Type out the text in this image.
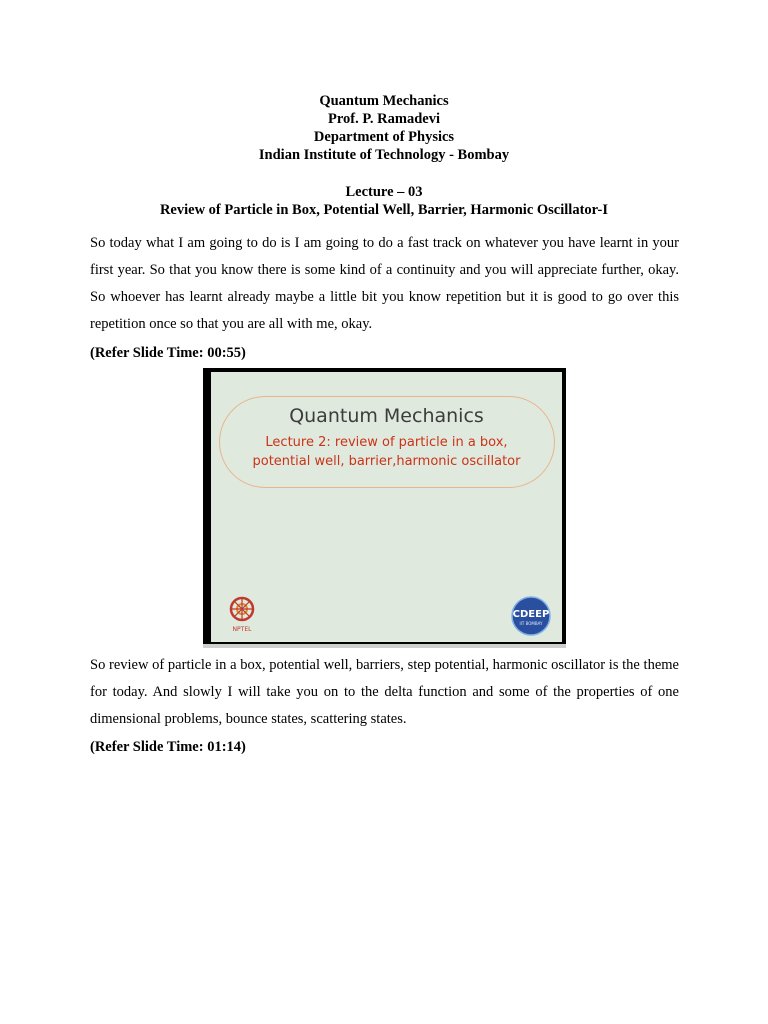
Quantum Mechanics
Prof. P. Ramadevi
Department of Physics
Indian Institute of Technology - Bombay
Lecture – 03
Review of Particle in Box, Potential Well, Barrier, Harmonic Oscillator-I
So today what I am going to do is I am going to do a fast track on whatever you have learnt in your first year. So that you know there is some kind of a continuity and you will appreciate further, okay. So whoever has learnt already maybe a little bit you know repetition but it is good to go over this repetition once so that you are all with me, okay.
(Refer Slide Time: 00:55)
Quantum Mechanics
Lecture 2: review of particle in a box,
potential well, barrier,harmonic oscillator
NPTEL
CDEEP
IIT BOMBAY
So review of particle in a box, potential well, barriers, step potential, harmonic oscillator is the theme for today. And slowly I will take you on to the delta function and some of the properties of one dimensional problems, bounce states, scattering states.
(Refer Slide Time: 01:14)
